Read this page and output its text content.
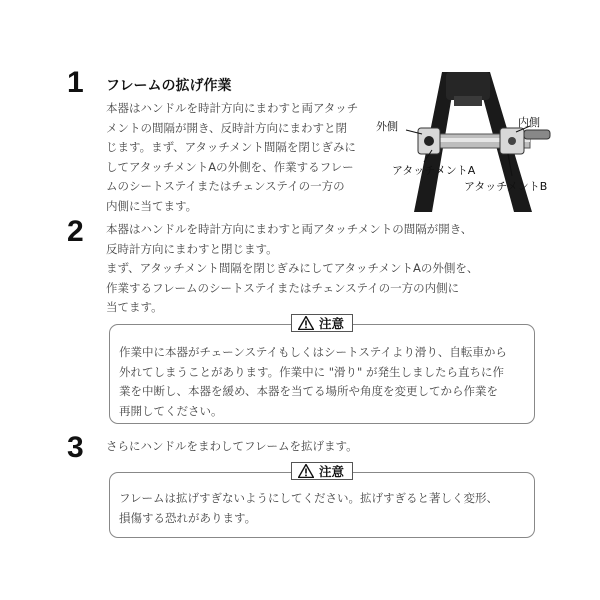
1 フレームの拡げ作業
本器はハンドルを時計方向にまわすと両アタッチ
メントの間隔が開き、反時計方向にまわすと閉
じます。まず、アタッチメント間隔を閉じぎみに
してアタッチメントAの外側を、作業するフレー
ムのシートステイまたはチェンステイの一方の
内側に当てます。
外側	内側
アタッチメントA
アタッチメントB
2 本器はハンドルを時計方向にまわすと両アタッチメントの間隔が開き、
反時計方向にまわすと閉じます。
まず、アタッチメント間隔を閉じぎみにしてアタッチメントAの外側を、
作業するフレームのシートステイまたはチェンステイの一方の内側に
当てます。
注意
作業中に本器がチェーンステイもしくはシートステイより滑り、自転車から
外れてしまうことがあります。作業中に "滑り" が発生しましたら直ちに作
業を中断し、本器を緩め、本器を当てる場所や角度を変更してから作業を
再開してください。
3 さらにハンドルをまわしてフレームを拡げます。
注意
フレームは拡げすぎないようにしてください。拡げすぎると著しく変形、
損傷する恐れがあります。
